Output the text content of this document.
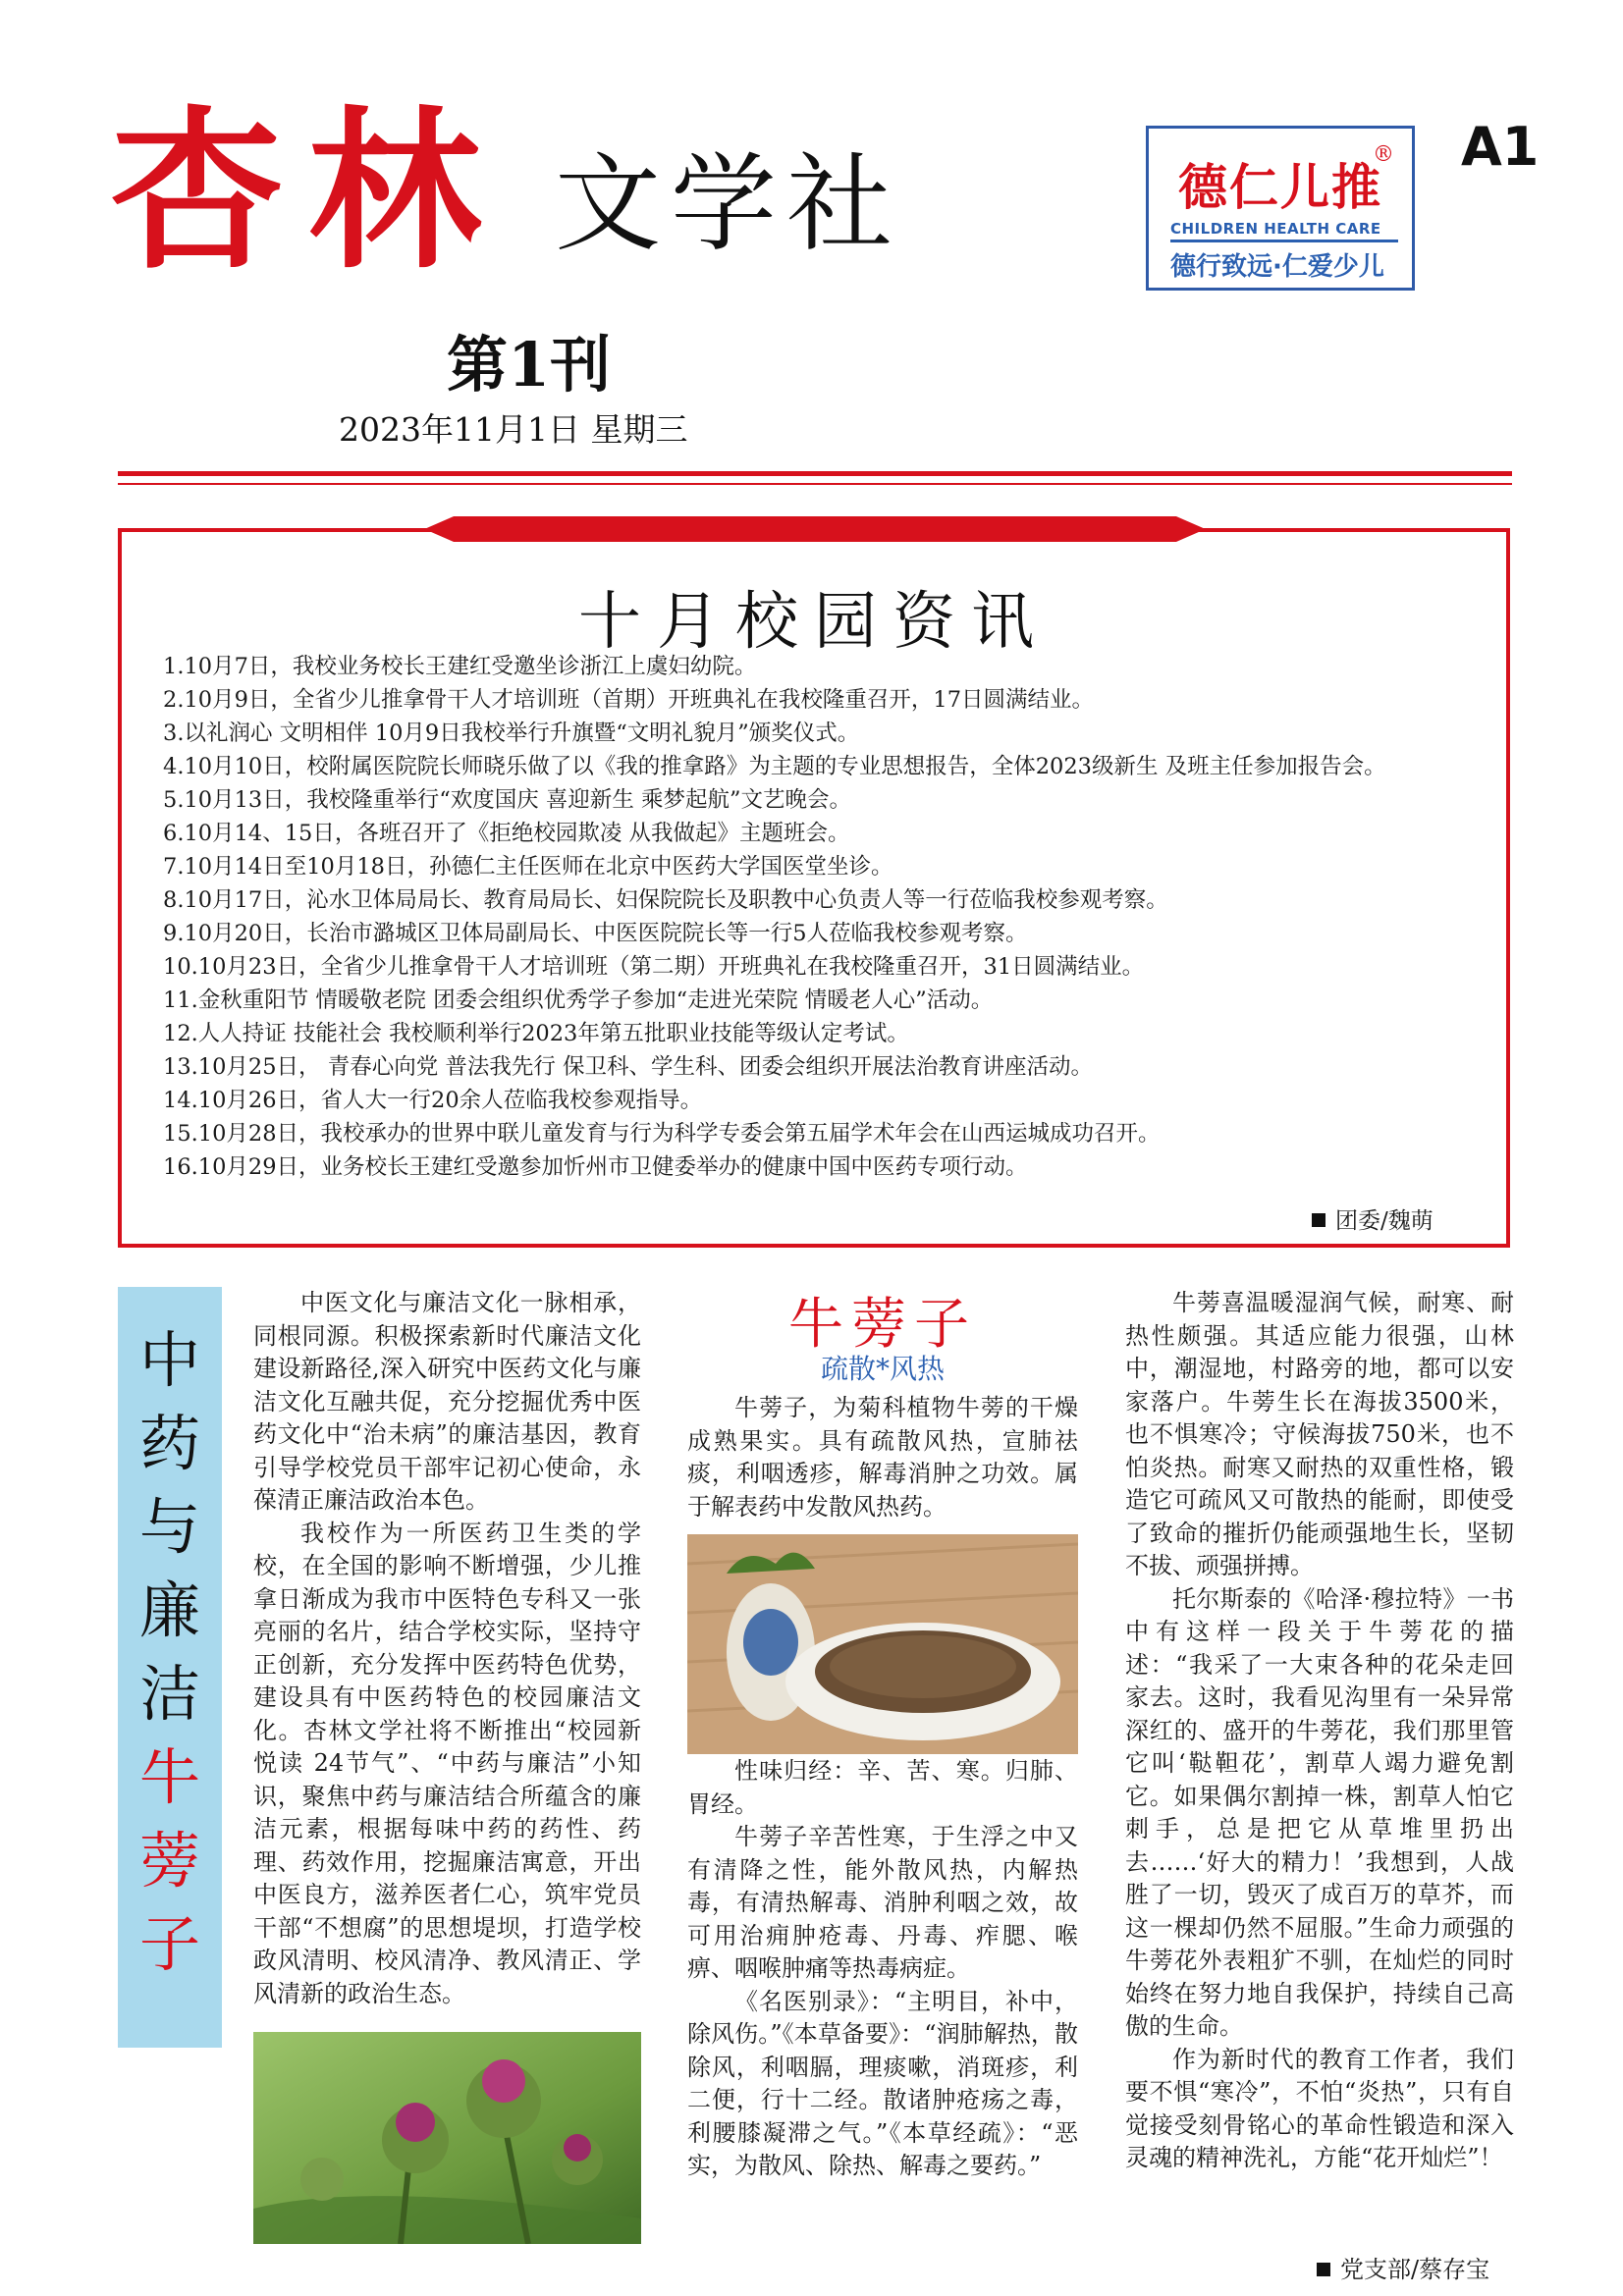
杏林 文学社
第1刊
2023年11月1日 星期三
A1
德仁儿推
®
CHILDREN HEALTH CARE
德行致远·仁爱少儿
十月校园资讯
1.10月7日，我校业务校长王建红受邀坐诊浙江上虞妇幼院。
2.10月9日，全省少儿推拿骨干人才培训班（首期）开班典礼在我校隆重召开，17日圆满结业。
3.以礼润心 文明相伴 10月9日我校举行升旗暨“文明礼貌月”颁奖仪式。
4.10月10日，校附属医院院长师晓乐做了以《我的推拿路》为主题的专业思想报告，全体2023级新生 及班主任参加报告会。
5.10月13日，我校隆重举行“欢度国庆 喜迎新生 乘梦起航”文艺晚会。
6.10月14、15日，各班召开了《拒绝校园欺凌 从我做起》主题班会。
7.10月14日至10月18日，孙德仁主任医师在北京中医药大学国医堂坐诊。
8.10月17日，沁水卫体局局长、教育局局长、妇保院院长及职教中心负责人等一行莅临我校参观考察。
9.10月20日，长治市潞城区卫体局副局长、中医医院院长等一行5人莅临我校参观考察。
10.10月23日，全省少儿推拿骨干人才培训班（第二期）开班典礼在我校隆重召开，31日圆满结业。
11.金秋重阳节 情暖敬老院 团委会组织优秀学子参加“走进光荣院 情暖老人心”活动。
12.人人持证 技能社会 我校顺利举行2023年第五批职业技能等级认定考试。
13.10月25日， 青春心向党 普法我先行 保卫科、学生科、团委会组织开展法治教育讲座活动。
14.10月26日，省人大一行20余人莅临我校参观指导。
15.10月28日，我校承办的世界中联儿童发育与行为科学专委会第五届学术年会在山西运城成功召开。
16.10月29日，业务校长王建红受邀参加忻州市卫健委举办的健康中国中医药专项行动。
团委/魏萌
中
药
与
廉
洁
牛
蒡
子

中医文化与廉洁文化一脉相承，同根同源。积极探索新时代廉洁文化建设新路径,深入研究中医药文化与廉洁文化互融共促，充分挖掘优秀中医药文化中“治未病”的廉洁基因，教育引导学校党员干部牢记初心使命，永葆清正廉洁政治本色。

我校作为一所医药卫生类的学校，在全国的影响不断增强，少儿推拿日渐成为我市中医特色专科又一张亮丽的名片，结合学校实际，坚持守正创新，充分发挥中医药特色优势，建设具有中医药特色的校园廉洁文化。杏林文学社将不断推出“校园新悦读 24节气”、“中药与廉洁”小知识，聚焦中药与廉洁结合所蕴含的廉洁元素，根据每味中药的药性、药理、药效作用，挖掘廉洁寓意，开出中医良方，滋养医者仁心，筑牢党员干部“不想腐”的思想堤坝，打造学校政风清明、校风清净、教风清正、学风清新的政治生态。

牛蒡子
疏散*风热

牛蒡子，为菊科植物牛蒡的干燥成熟果实。具有疏散风热，宣肺祛痰，利咽透疹，解毒消肿之功效。属于解表药中发散风热药。

性味归经：辛、苦、寒。归肺、胃经。

牛蒡子辛苦性寒，于生浮之中又有清降之性，能外散风热，内解热毒，有清热解毒、消肿利咽之效，故可用治痈肿疮毒、丹毒、痄腮、喉痹、咽喉肿痛等热毒病症。

《名医别录》：“主明目，补中，除风伤。”《本草备要》：“润肺解热，散除风，利咽膈，理痰嗽，消斑疹，利二便，行十二经。散诸肿疮疡之毒，利腰膝凝滞之气。”《本草经疏》：“恶实，为散风、除热、解毒之要药。”

牛蒡喜温暖湿润气候，耐寒、耐热性颇强。其适应能力很强，山林中，潮湿地，村路旁的地，都可以安家落户。牛蒡生长在海拔3500米，也不惧寒冷；守候海拔750米，也不怕炎热。耐寒又耐热的双重性格，锻造它可疏风又可散热的能耐，即使受了致命的摧折仍能顽强地生长，坚韧不拔、顽强拼搏。

托尔斯泰的《哈泽·穆拉特》一书中有这样一段关于牛蒡花的描述：“我采了一大束各种的花朵走回家去。这时，我看见沟里有一朵异常深红的、盛开的牛蒡花，我们那里管它叫‘鞑靼花’，割草人竭力避免割它。如果偶尔割掉一株，割草人怕它刺手，总是把它从草堆里扔出去……‘好大的精力！’我想到，人战胜了一切，毁灭了成百万的草芥，而这一棵却仍然不屈服。”生命力顽强的牛蒡花外表粗犷不驯，在灿烂的同时始终在努力地自我保护，持续自己高傲的生命。

作为新时代的教育工作者，我们要不惧“寒冷”，不怕“炎热”，只有自觉接受刻骨铭心的革命性锻造和深入灵魂的精神洗礼，方能“花开灿烂”！

党支部/蔡存宝
